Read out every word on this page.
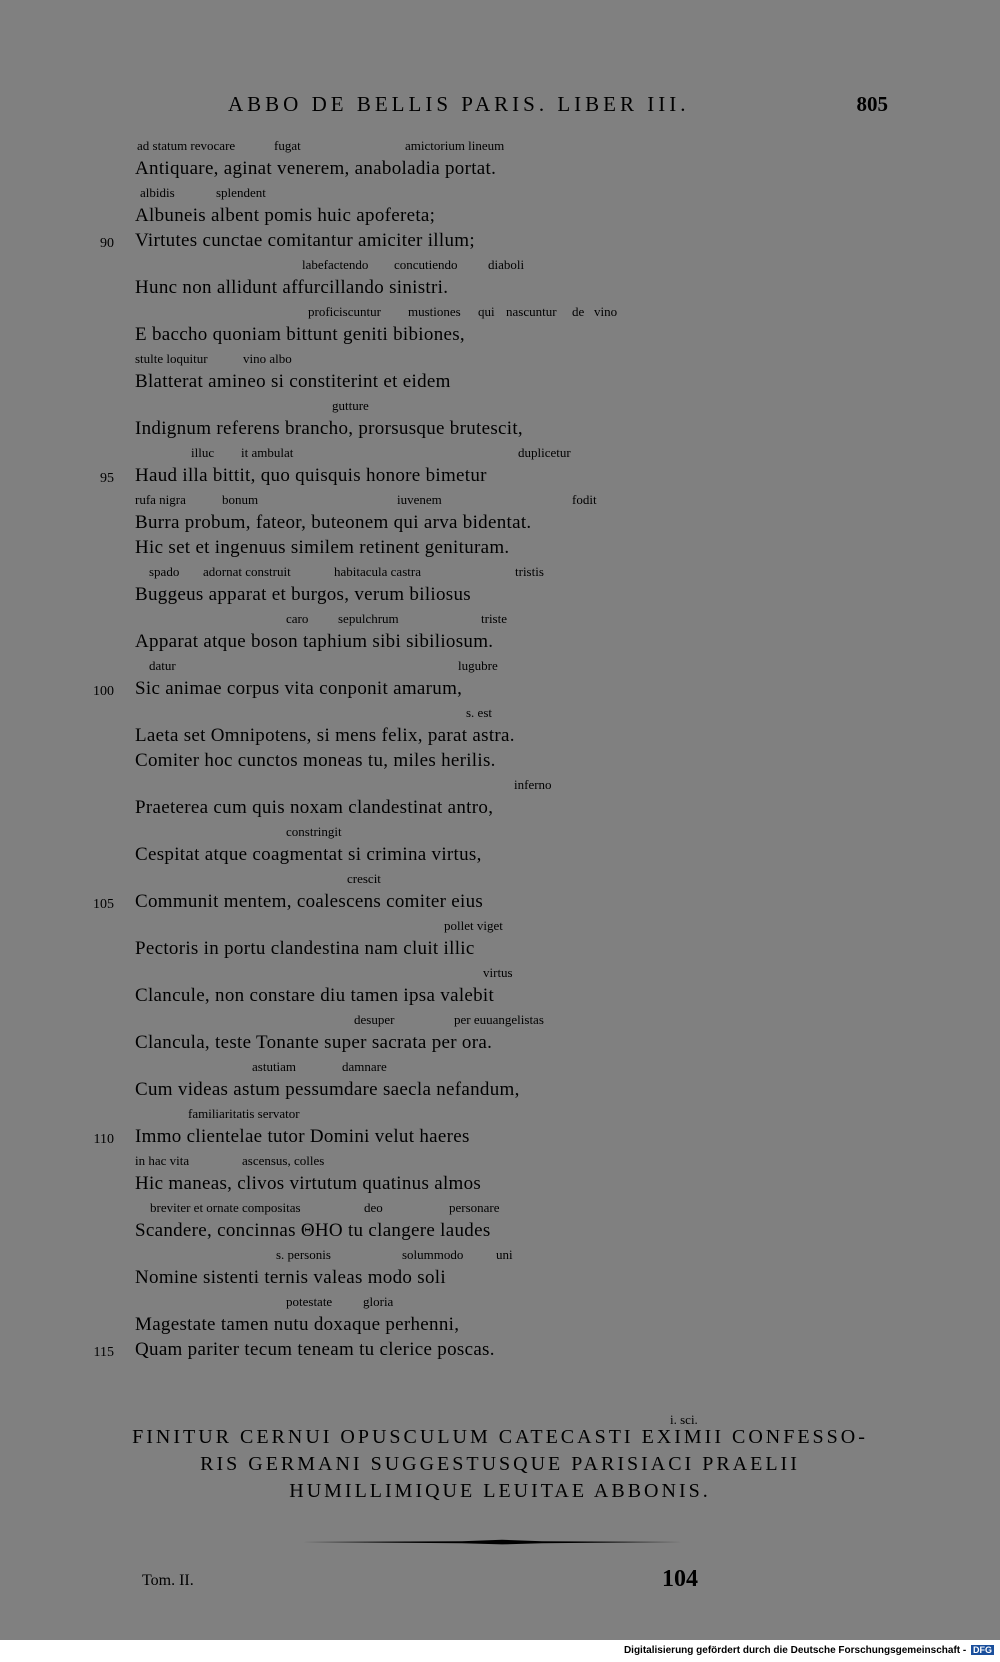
ABBO DE BELLIS PARIS. LIBER III.	805
ad statum revocare	fugat	amictorium lineum
Antiquare, aginat venerem, anaboladia portat.
albidis	splendent
Albuneis albent pomis huic apofereta;
90 Virtutes cunctae comitantur amiciter illum;
labefactendo concutiendo diaboli
Hunc non allidunt affurcillando sinistri.
proficiscuntur mustiones qui nascuntur de vino
E baccho quoniam bittunt geniti bibiones,
stulte loquitur	vino albo
Blatterat amineo si constiterint et eidem
gutture
Indignum referens brancho, prorsusque brutescit,
illuc it ambulat	duplicetur
95 Haud illa bittit, quo quisquis honore bimetur
rufa nigra	bonum	iuvenem	fodit
Burra probum, fateor, buteonem qui arva bidentat.
Hic set et ingenuus similem retinent genituram.
spado adornat construit	habitacula castra	tristis
Buggeus apparat et burgos, verum biliosus
caro sepulchrum	triste
Apparat atque boson taphium sibi sibiliosum.
datur	lugubre
100 Sic animae corpus vita conponit amarum,
s. est
Laeta set Omnipotens, si mens felix, parat astra.
Comiter hoc cunctos moneas tu, miles herilis.
inferno
Praeterea cum quis noxam clandestinat antro,
constringit
Cespitat atque coagmentat si crimina virtus,
crescit
105 Communit mentem, coalescens comiter eius
pollet viget
Pectoris in portu clandestina nam cluit illic
virtus
Clancule, non constare diu tamen ipsa valebit
desuper	per euuangelistas
Clancula, teste Tonante super sacrata per ora.
astutiam	damnare
Cum videas astum pessumdare saecla nefandum,
familiaritatis servator
110 Immo clientelae tutor Domini velut haeres
in hac vita	ascensus, colles
Hic maneas, clivos virtutum quatinus almos
breviter et ornate compositas	deo	personare
Scandere, concinnas ΘΗΟ tu clangere laudes
s. personis	solummodo	uni
Nomine sistenti ternis valeas modo soli
potestate gloria
Magestate tamen nutu doxaque perhenni,
115 Quam pariter tecum teneam tu clerice poscas.
i. sci.
FINITUR CERNUI OPUSCULUM CATECASTI EXIMII CONFESSO-
RIS GERMANI SUGGESTUSQUE PARISIACI PRAELII
HUMILLIMIQUE LEUITAE ABBONIS.
Tom. II.	104
Digitalisierung gefördert durch die Deutsche Forschungsgemeinschaft - DFG
